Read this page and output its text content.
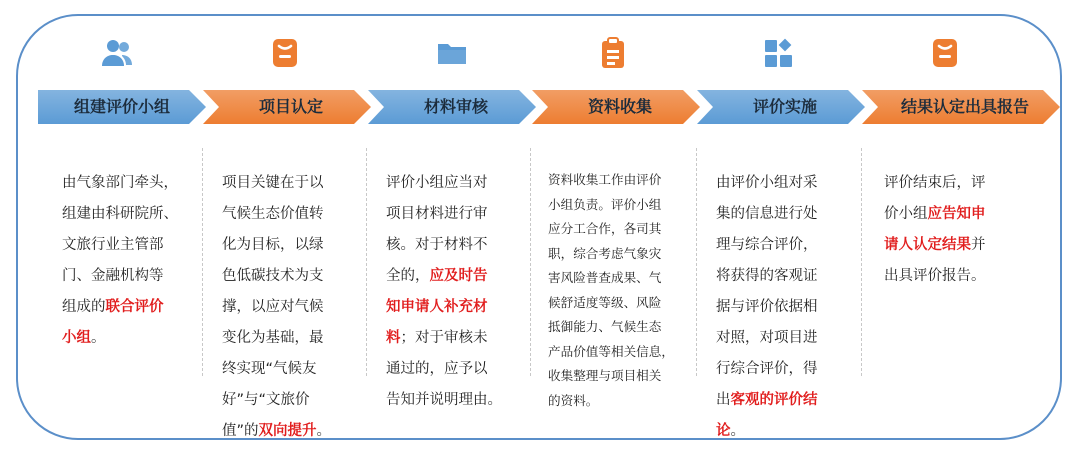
组建评价小组

由气象部门牵头，
组建由科研院所、
文旅行业主管部
门、金融机构等
组成的联合评价
小组。

项目认定

项目关键在于以
气候生态价值转
化为目标，以绿
色低碳技术为支
撑，以应对气候
变化为基础，最
终实现“气候友
好”与“文旅价
值”的双向提升。

材料审核

评价小组应当对
项目材料进行审
核。对于材料不
全的，应及时告
知申请人补充材
料；对于审核未
通过的，应予以
告知并说明理由。

资料收集

资料收集工作由评价
小组负责。评价小组
应分工合作，各司其
职，综合考虑气象灾
害风险普查成果、气
候舒适度等级、风险
抵御能力、气候生态
产品价值等相关信息，
收集整理与项目相关
的资料。

评价实施

由评价小组对采
集的信息进行处
理与综合评价，
将获得的客观证
据与评价依据相
对照，对项目进
行综合评价，得
出客观的评价结
论。

结果认定出具报告

评价结束后，评
价小组应告知申
请人认定结果并
出具评价报告。
